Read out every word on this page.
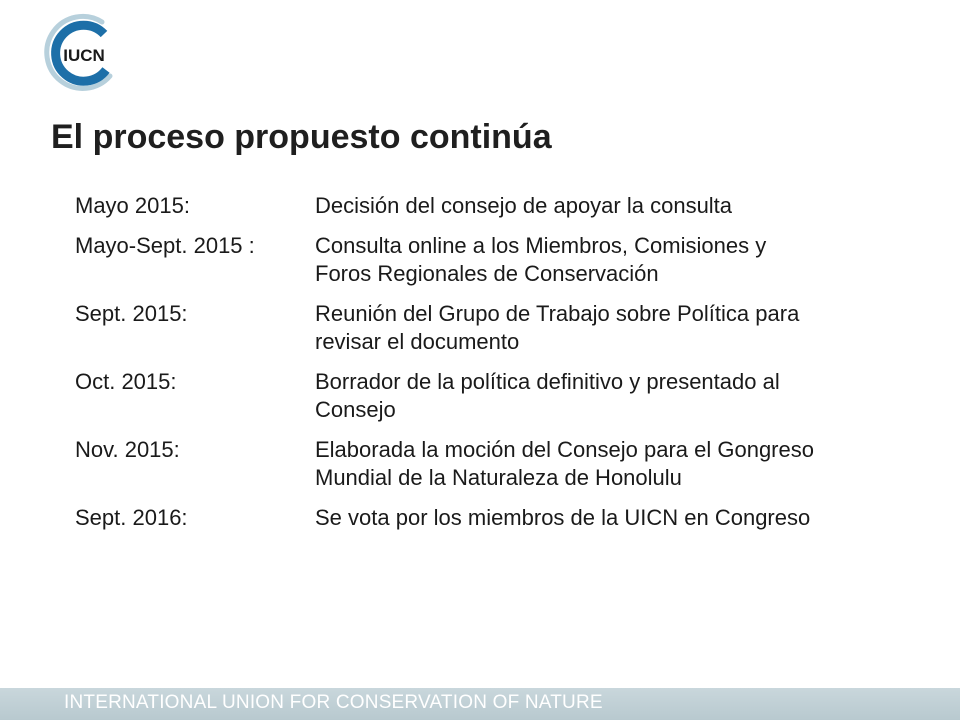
IUCN
El proceso propuesto continúa
Mayo 2015:	Decisión del consejo de apoyar la consulta
Mayo-Sept. 2015 :	Consulta online a los Miembros, Comisiones y
Foros Regionales de Conservación
Sept. 2015:	Reunión del Grupo de Trabajo sobre Política para
revisar el documento
Oct. 2015:	Borrador de la política definitivo y presentado al
Consejo
Nov. 2015:	Elaborada la moción del Consejo para el Gongreso
Mundial de la Naturaleza de Honolulu
Sept. 2016:	Se vota por los miembros de la UICN en Congreso
INTERNATIONAL UNION FOR CONSERVATION OF NATURE
